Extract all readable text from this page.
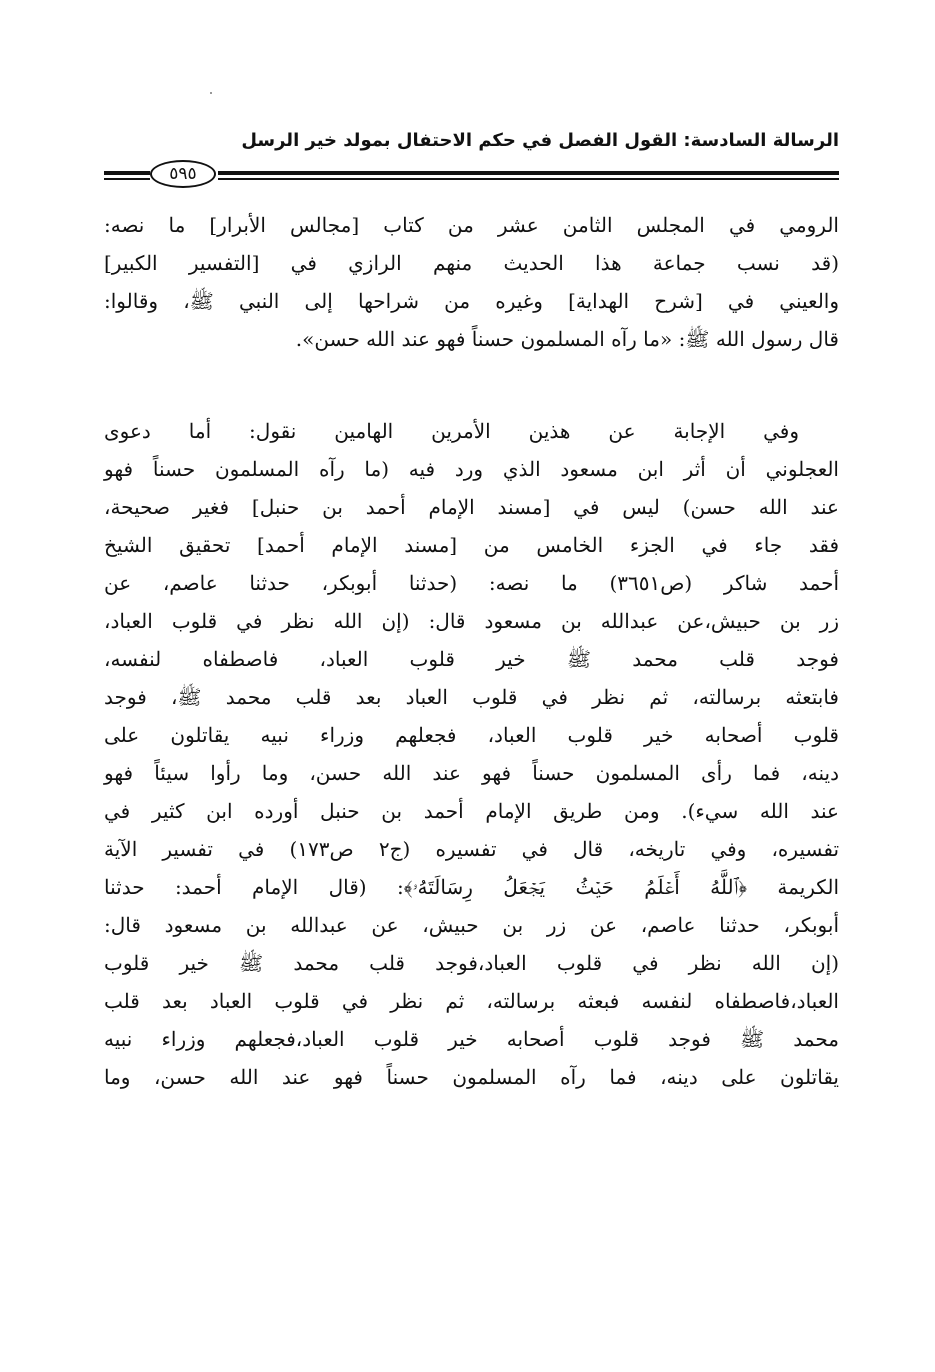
الرسالة السادسة: القول الفصل في حكم الاحتفال بمولد خير الرسل
٥٩٥

الرومي في المجلس الثامن عشر من كتاب [مجالس الأبرار] ما نصه:
(قد نسب جماعة هذا الحديث منهم الرازي في [التفسير الكبير]
والعيني في [شرح الهداية] وغيره من شراحها إلى النبي ﷺ، وقالوا:
قال رسول الله ﷺ: «ما رآه المسلمون حسناً فهو عند الله حسن».

وفي الإجابة عن هذين الأمرين الهامين نقول: أما دعوى
العجلوني أن أثر ابن مسعود الذي ورد فيه (ما رآه المسلمون حسناً فهو
عند الله حسن) ليس في [مسند الإمام أحمد بن حنبل] فغير صحيحة،
فقد جاء في الجزء الخامس من [مسند الإمام أحمد] تحقيق الشيخ
أحمد شاكر (ص٣٦٥١) ما نصه: (حدثنا أبوبكر، حدثنا عاصم، عن
زر بن حبيش،عن عبدالله بن مسعود قال: (إن الله نظر في قلوب العباد،
فوجد قلب محمد ﷺ خير قلوب العباد، فاصطفاه لنفسه،
فابتعثه برسالته، ثم نظر في قلوب العباد بعد قلب محمد ﷺ، فوجد
قلوب أصحابه خير قلوب العباد، فجعلهم وزراء نبيه يقاتلون على
دينه، فما رأى المسلمون حسناً فهو عند الله حسن، وما رأوا سيئاً فهو
عند الله سيء). ومن طريق الإمام أحمد بن حنبل أورده ابن كثير في
تفسيره، وفي تاريخه، قال في تفسيره (ج٢ ص١٧٣) في تفسير الآية
الكريمة ﴿ٱللَّهُ أَعۡلَمُ حَيۡثُ يَجۡعَلُ رِسَالَتَهُۥ﴾: (قال الإمام أحمد: حدثنا
أبوبكر، حدثنا عاصم، عن زر بن حبيش، عن عبدالله بن مسعود قال:
(إن الله نظر في قلوب العباد،فوجد قلب محمد ﷺ خير قلوب
العباد،فاصطفاه لنفسه فبعثه برسالته، ثم نظر في قلوب العباد بعد قلب
محمد ﷺ فوجد قلوب أصحابه خير قلوب العباد،فجعلهم وزراء نبيه
يقاتلون على دينه، فما رآه المسلمون حسناً فهو عند الله حسن، وما
